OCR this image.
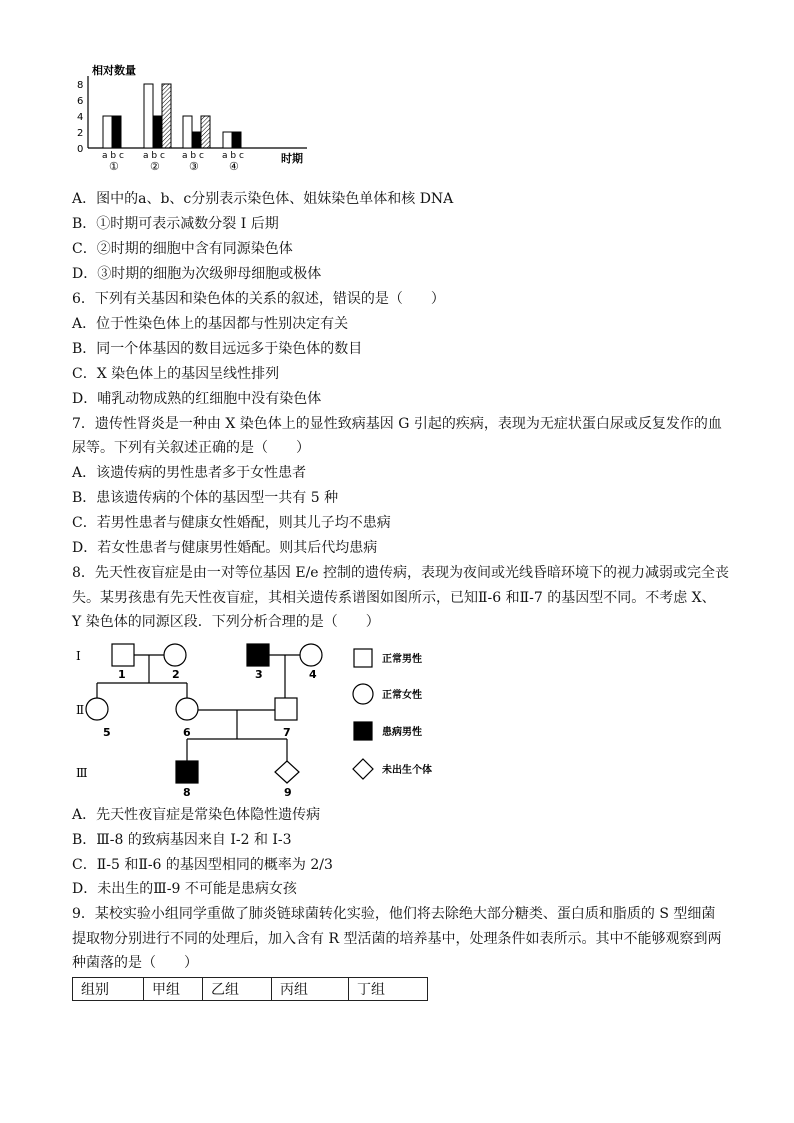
相对数量
0
2
4
6
8
a b c
①
a b c
②
a b c
③
a b c
④
时期
A．图中的a、b、c分别表示染色体、姐妹染色单体和核 DNA
B．①时期可表示减数分裂 I 后期
C．②时期的细胞中含有同源染色体
D．③时期的细胞为次级卵母细胞或极体
6．下列有关基因和染色体的关系的叙述，错误的是（　　）
A．位于性染色体上的基因都与性别决定有关
B．同一个体基因的数目远远多于染色体的数目
C．X 染色体上的基因呈线性排列
D．哺乳动物成熟的红细胞中没有染色体
7．遗传性肾炎是一种由 X 染色体上的显性致病基因 G 引起的疾病，表现为无症状蛋白尿或反复发作的血
尿等。下列有关叙述正确的是（　　）
A．该遗传病的男性患者多于女性患者
B．患该遗传病的个体的基因型一共有 5 种
C．若男性患者与健康女性婚配，则其儿子均不患病
D．若女性患者与健康男性婚配。则其后代均患病
8．先天性夜盲症是由一对等位基因 E/e 控制的遗传病，表现为夜间或光线昏暗环境下的视力减弱或完全丧
失。某男孩患有先天性夜盲症，其相关遗传系谱图如图所示，已知Ⅱ-6 和Ⅱ-7 的基因型不同。不考虑 X、
Y 染色体的同源区段．下列分析合理的是（　　）
Ⅰ
Ⅱ
Ⅲ
1	2	3	4
5	6	7
8	9
正常男性
正常女性
患病男性
未出生个体
A．先天性夜盲症是常染色体隐性遗传病
B．Ⅲ-8 的致病基因来自 I-2 和 I-3
C．Ⅱ-5 和Ⅱ-6 的基因型相同的概率为 2/3
D．未出生的Ⅲ-9 不可能是患病女孩
9．某校实验小组同学重做了肺炎链球菌转化实验，他们将去除绝大部分糖类、蛋白质和脂质的 S 型细菌
提取物分别进行不同的处理后，加入含有 R 型活菌的培养基中，处理条件如表所示。其中不能够观察到两
种菌落的是（　　）
组别	甲组	乙组	丙组	丁组
